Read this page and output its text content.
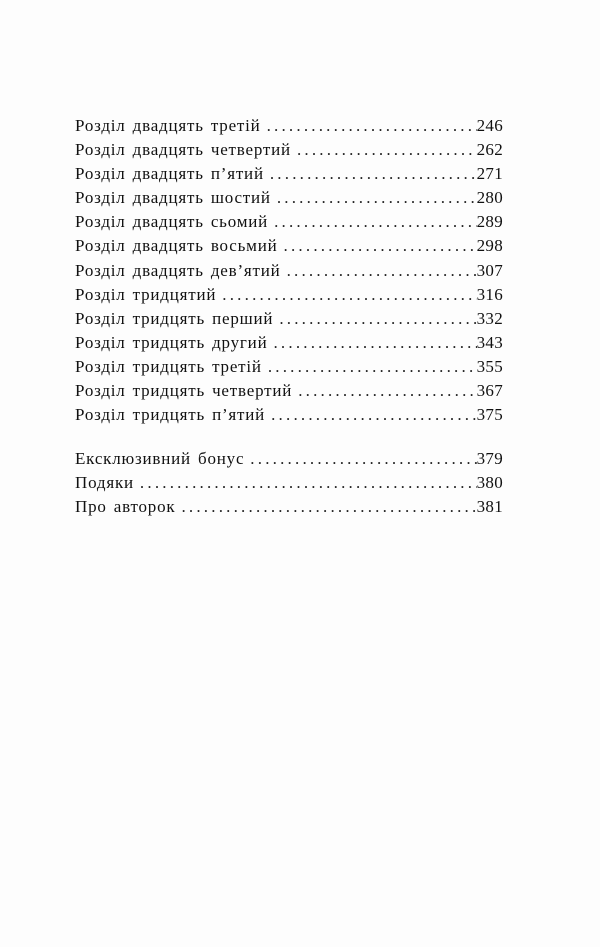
Розділ двадцять третій .....	246
Розділ двадцять четвертий .....	262
Розділ двадцять п’ятий .....	271
Розділ двадцять шостий .....	280
Розділ двадцять сьомий .....	289
Розділ двадцять восьмий .....	298
Розділ двадцять дев’ятий .....	307
Розділ тридцятий .....	316
Розділ тридцять перший .....	332
Розділ тридцять другий .....	343
Розділ тридцять третій .....	355
Розділ тридцять четвертий .....	367
Розділ тридцять п’ятий .....	375
Ексклюзивний бонус .....	379
Подяки .....	380
Про авторок .....	381
